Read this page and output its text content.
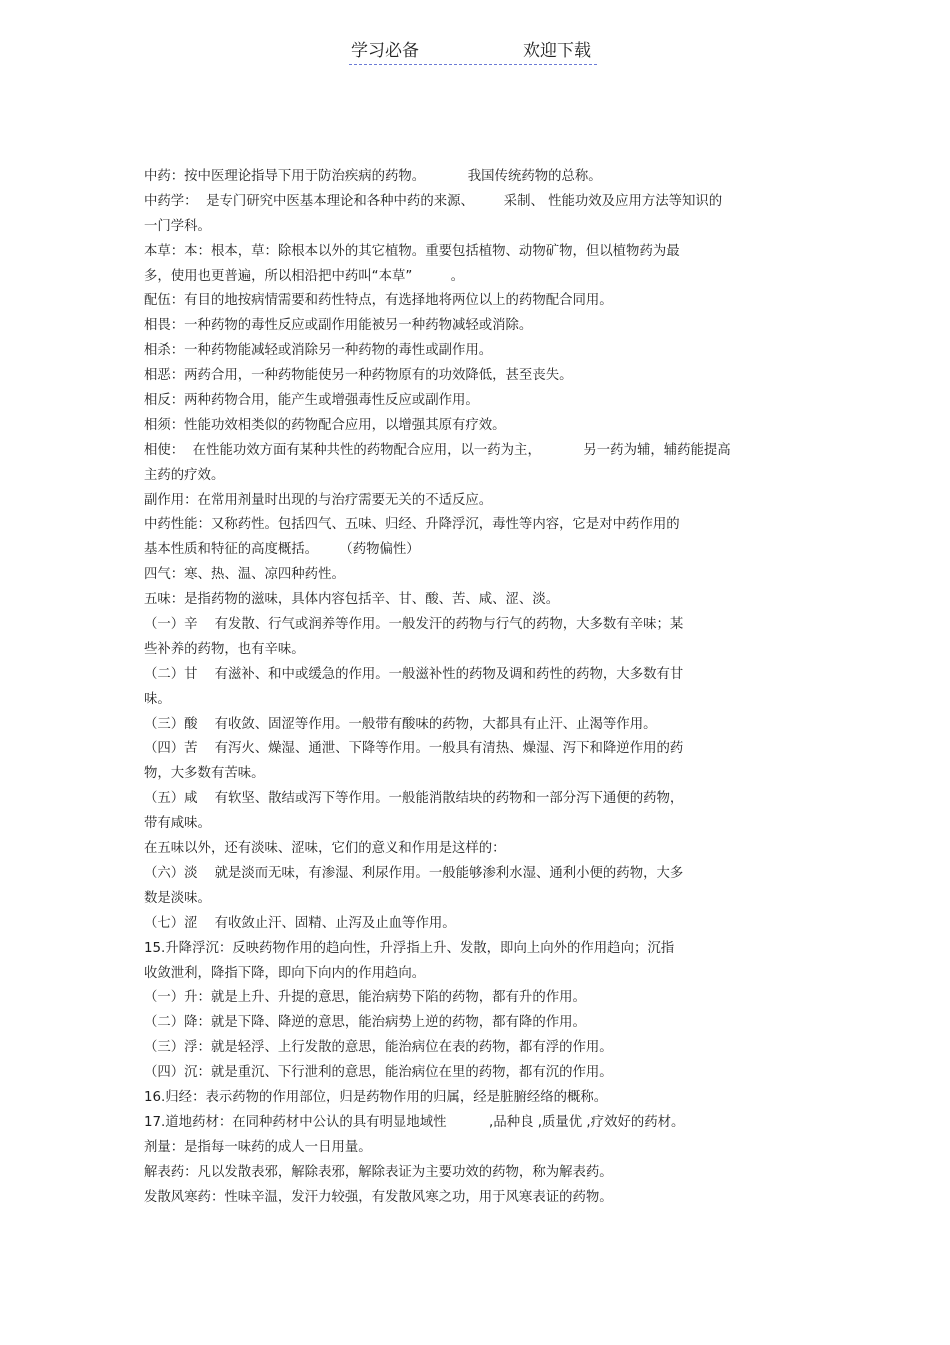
学习必备	欢迎下载
中药：按中医理论指导下用于防治疾病的药物。          我国传统药物的总称。
中药学：  是专门研究中医基本理论和各种中药的来源、       采制、 性能功效及应用方法等知识的
一门学科。
本草：本：根本，草：除根本以外的其它植物。重要包括植物、动物矿物，但以植物药为最
多，使用也更普遍，所以相沿把中药叫“本草”         。
配伍：有目的地按病情需要和药性特点，有选择地将两位以上的药物配合同用。
相畏：一种药物的毒性反应或副作用能被另一种药物减轻或消除。
相杀：一种药物能减轻或消除另一种药物的毒性或副作用。
相恶：两药合用，一种药物能使另一种药物原有的功效降低，甚至丧失。
相反：两种药物合用，能产生或增强毒性反应或副作用。
相须：性能功效相类似的药物配合应用，以增强其原有疗效。
相使：  在性能功效方面有某种共性的药物配合应用，以一药为主，          另一药为辅，辅药能提高
主药的疗效。
副作用：在常用剂量时出现的与治疗需要无关的不适反应。
中药性能：又称药性。包括四气、五味、归经、升降浮沉，毒性等内容，它是对中药作用的
基本性质和特征的高度概括。     （药物偏性）
四气：寒、热、温、凉四种药性。
五味：是指药物的滋味，具体内容包括辛、甘、酸、苦、咸、涩、淡。
（一）辛    有发散、行气或润养等作用。一般发汗的药物与行气的药物，大多数有辛味；某
些补养的药物，也有辛味。
（二）甘    有滋补、和中或缓急的作用。一般滋补性的药物及调和药性的药物，大多数有甘
味。
（三）酸    有收敛、固涩等作用。一般带有酸味的药物，大都具有止汗、止渴等作用。
（四）苦    有泻火、燥湿、通泄、下降等作用。一般具有清热、燥湿、泻下和降逆作用的药
物，大多数有苦味。
（五）咸    有软坚、散结或泻下等作用。一般能消散结块的药物和一部分泻下通便的药物，
带有咸味。
在五味以外，还有淡味、涩味，它们的意义和作用是这样的：
（六）淡    就是淡而无味，有渗湿、利尿作用。一般能够渗利水湿、通利小便的药物，大多
数是淡味。
（七）涩    有收敛止汗、固精、止泻及止血等作用。
15.升降浮沉：反映药物作用的趋向性，升浮指上升、发散，即向上向外的作用趋向；沉指
收敛泄利，降指下降，即向下向内的作用趋向。
（一）升：就是上升、升提的意思，能治病势下陷的药物，都有升的作用。
（二）降：就是下降、降逆的意思，能治病势上逆的药物，都有降的作用。
（三）浮：就是轻浮、上行发散的意思，能治病位在表的药物，都有浮的作用。
（四）沉：就是重沉、下行泄利的意思，能治病位在里的药物，都有沉的作用。
16.归经：表示药物的作用部位，归是药物作用的归属，经是脏腑经络的概称。
17.道地药材：在同种药材中公认的具有明显地域性          ,品种良 ,质量优 ,疗效好的药材。
剂量：是指每一味药的成人一日用量。
解表药：凡以发散表邪，解除表邪，解除表证为主要功效的药物，称为解表药。
发散风寒药：性味辛温，发汗力较强，有发散风寒之功，用于风寒表证的药物。
